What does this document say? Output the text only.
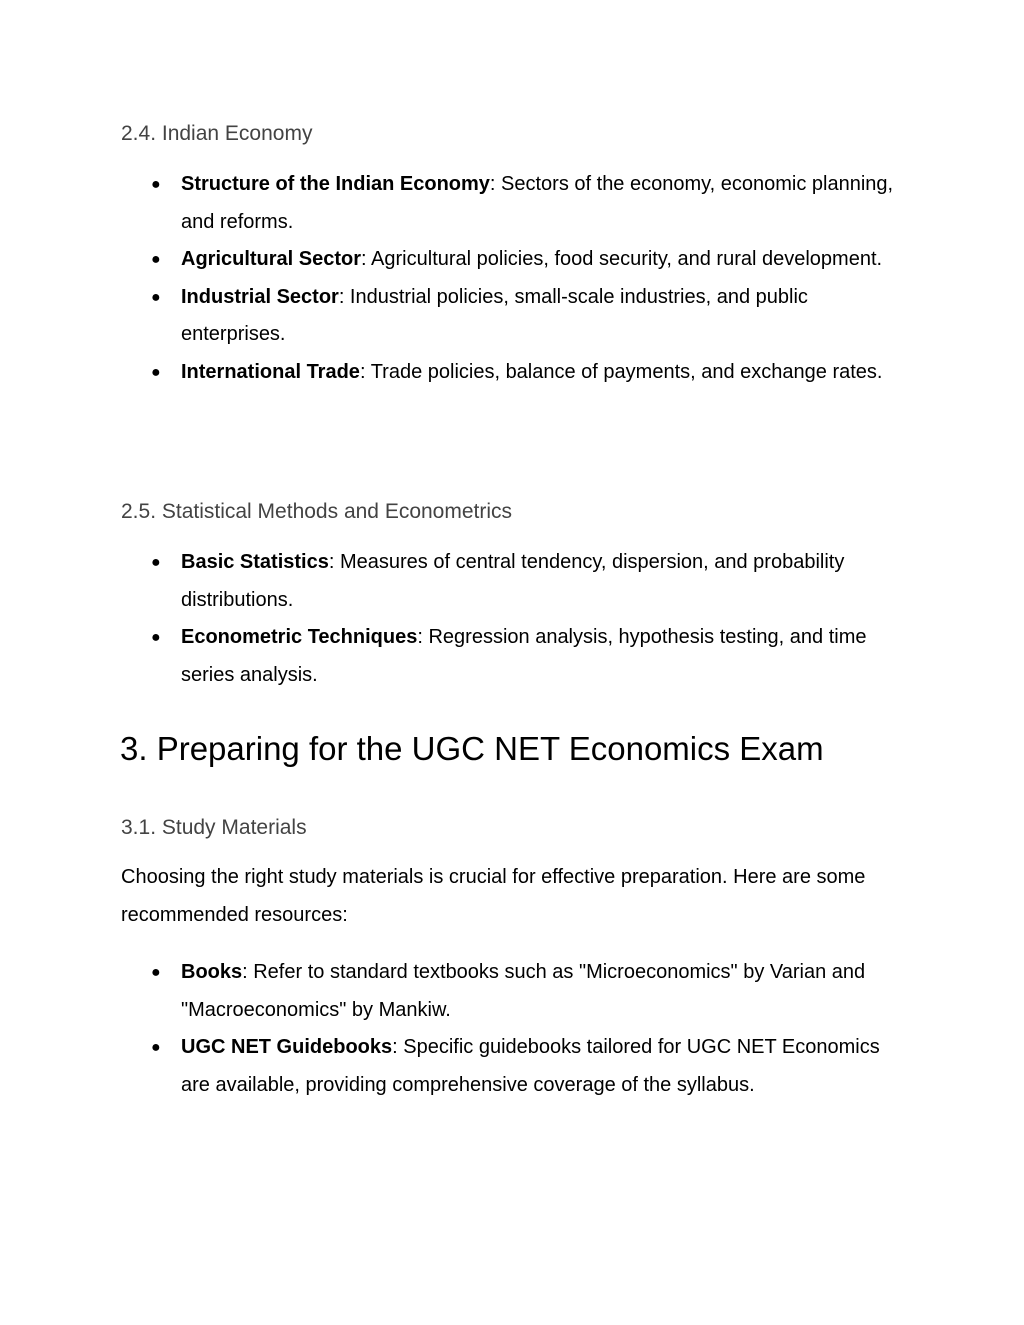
2.4. Indian Economy
● Structure of the Indian Economy: Sectors of the economy, economic planning, and reforms.
● Agricultural Sector: Agricultural policies, food security, and rural development.
● Industrial Sector: Industrial policies, small-scale industries, and public enterprises.
● International Trade: Trade policies, balance of payments, and exchange rates.
2.5. Statistical Methods and Econometrics
● Basic Statistics: Measures of central tendency, dispersion, and probability distributions.
● Econometric Techniques: Regression analysis, hypothesis testing, and time series analysis.
3. Preparing for the UGC NET Economics Exam
3.1. Study Materials

Choosing the right study materials is crucial for effective preparation. Here are some recommended resources:

● Books: Refer to standard textbooks such as "Microeconomics" by Varian and "Macroeconomics" by Mankiw.
● UGC NET Guidebooks: Specific guidebooks tailored for UGC NET Economics are available, providing comprehensive coverage of the syllabus.
